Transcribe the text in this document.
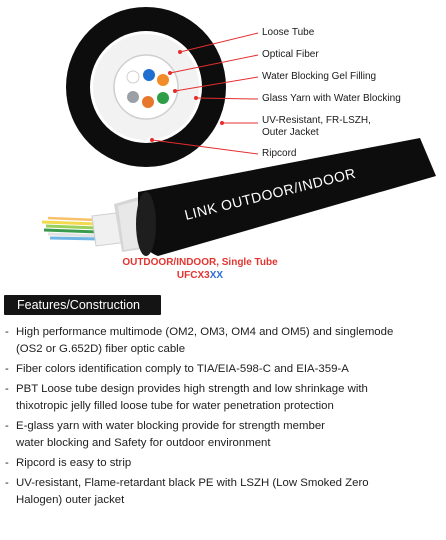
LINK OUTDOOR/INDOOR
Loose Tube
Optical Fiber
Water Blocking Gel Filling
Glass Yarn with Water Blocking
UV-Resistant, FR-LSZH,
Outer Jacket
Ripcord
OUTDOOR/INDOOR, Single Tube
UFCX3XX
Features/Construction
- High performance multimode (OM2, OM3, OM4 and OM5) and singlemode
(OS2 or G.652D) fiber optic cable
- Fiber colors identification comply to TIA/EIA-598-C and EIA-359-A
- PBT Loose tube design provides high strength and low shrinkage with
thixotropic jelly filled loose tube for water penetration protection
- E-glass yarn with water blocking provide for strength member
water blocking and Safety for outdoor environment
- Ripcord is easy to strip
- UV-resistant, Flame-retardant black PE with LSZH (Low Smoked Zero
Halogen) outer jacket
